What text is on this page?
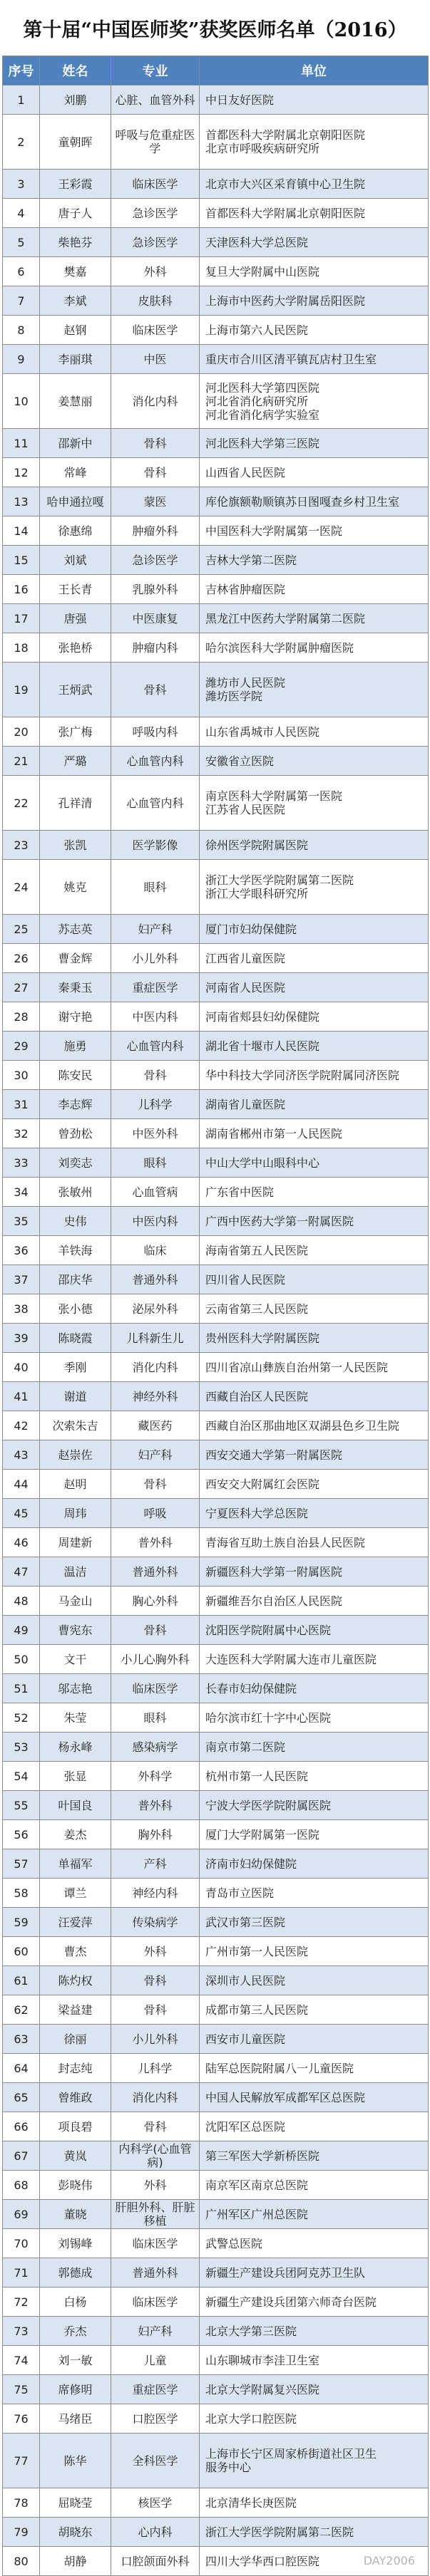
第十届“中国医师奖”获奖医师名单（2016）
序号	姓名	专业	单位
1	刘鹏	心脏、血管外科	中日友好医院

2	童朝晖	呼吸与危重症医学	首都医科大学附属北京朝阳医院
北京市呼吸疾病研究所

3	王彩霞	临床医学	北京市大兴区采育镇中心卫生院

4	唐子人	急诊医学	首都医科大学附属北京朝阳医院

5	柴艳芬	急诊医学	天津医科大学总医院

6	樊嘉	外科	复旦大学附属中山医院

7	李斌	皮肤科	上海市中医药大学附属岳阳医院

8	赵钢	临床医学	上海市第六人民医院

9	李丽琪	中医	重庆市合川区清平镇瓦店村卫生室

10	姜慧丽	消化内科	河北医科大学第四医院
河北省消化病研究所
河北省消化病学实验室

11	邵新中	骨科	河北医科大学第三医院

12	常峰	骨科	山西省人民医院

13	哈申通拉嘎	蒙医	库伦旗额勒顺镇苏日图嘎查乡村卫生室

14	徐惠绵	肿瘤外科	中国医科大学附属第一医院

15	刘斌	急诊医学	吉林大学第二医院

16	王长青	乳腺外科	吉林省肿瘤医院

17	唐强	中医康复	黑龙江中医药大学附属第二医院

18	张艳桥	肿瘤内科	哈尔滨医科大学附属肿瘤医院

19	王炳武	骨科	潍坊市人民医院
潍坊医学院

20	张广梅	呼吸内科	山东省禹城市人民医院

21	严璐	心血管内科	安徽省立医院

22	孔祥清	心血管内科	南京医科大学附属第一医院
江苏省人民医院

23	张凯	医学影像	徐州医学院附属医院

24	姚克	眼科	浙江大学医学院附属第二医院
浙江大学眼科研究所

25	苏志英	妇产科	厦门市妇幼保健院

26	曹金辉	小儿外科	江西省儿童医院

27	秦秉玉	重症医学	河南省人民医院

28	谢守艳	中医内科	河南省郏县妇幼保健院

29	施勇	心血管内科	湖北省十堰市人民医院

30	陈安民	骨科	华中科技大学同济医学院附属同济医院

31	李志辉	儿科学	湖南省儿童医院

32	曾劲松	中医外科	湖南省郴州市第一人民医院

33	刘奕志	眼科	中山大学中山眼科中心

34	张敏州	心血管病	广东省中医院

35	史伟	中医内科	广西中医药大学第一附属医院

36	羊铁海	临床	海南省第五人民医院

37	邵庆华	普通外科	四川省人民医院

38	张小德	泌尿外科	云南省第三人民医院

39	陈晓霞	儿科新生儿	贵州医科大学附属医院

40	季刚	消化内科	四川省凉山彝族自治州第一人民医院

41	谢道	神经外科	西藏自治区人民医院

42	次索朱吉	藏医药	西藏自治区那曲地区双湖县色乡卫生院

43	赵崇佐	妇产科	西安交通大学第一附属医院

44	赵明	骨科	西安交大附属红会医院

45	周玮	呼吸	宁夏医科大学总医院

46	周建新	普外科	青海省互助土族自治县人民医院

47	温洁	普通外科	新疆医科大学第一附属医院

48	马金山	胸心外科	新疆维吾尔自治区人民医院

49	曹宪东	骨科	沈阳医学院附属中心医院

50	文干	小儿心胸外科	大连医科大学附属大连市儿童医院

51	邬志艳	临床医学	长春市妇幼保健院

52	朱莹	眼科	哈尔滨市红十字中心医院

53	杨永峰	感染病学	南京市第二医院

54	张显	外科学	杭州市第一人民医院

55	叶国良	普外科	宁波大学医学院附属医院

56	姜杰	胸外科	厦门大学附属第一医院

57	单福军	产科	济南市妇幼保健院

58	谭兰	神经内科	青岛市立医院

59	汪爱萍	传染病学	武汉市第三医院

60	曹杰	外科	广州市第一人民医院

61	陈灼权	骨科	深圳市人民医院

62	梁益建	骨科	成都市第三人民医院

63	徐丽	小儿外科	西安市儿童医院

64	封志纯	儿科学	陆军总医院附属八一儿童医院

65	曾维政	消化内科	中国人民解放军成都军区总医院

66	项良碧	骨科	沈阳军区总医院

67	黄岚	内科学(心血管病)	第三军医大学新桥医院

68	彭晓伟	外科	南京军区南京总医院

69	董晓	肝胆外科、肝脏移植	广州军区广州总医院

70	刘锡峰	临床医学	武警总医院

71	郭德成	普通外科	新疆生产建设兵团阿克苏卫生队

72	白杨	临床医学	新疆生产建设兵团第六师奇台医院

73	乔杰	妇产科	北京大学第三医院

74	刘一敏	儿童	山东聊城市李洼卫生室

75	席修明	重症医学	北京大学附属复兴医院

76	马绪臣	口腔医学	北京大学口腔医院

77	陈华	全科医学	上海市长宁区周家桥街道社区卫生
服务中心

78	屈晓莹	核医学	北京清华长庚医院

79	胡晓东	心内科	浙江大学医学院附属第二医院

80	胡静	口腔颌面外科	四川大学华西口腔医院	DAY2006
